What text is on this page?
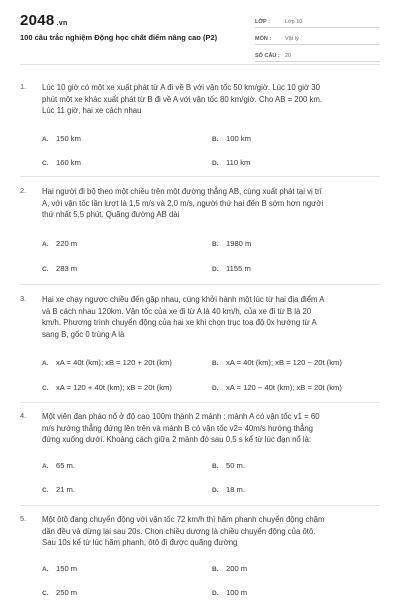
2048 .vn
100 câu trắc nghiệm Động học chất điểm nâng cao (P2)
LỚP :	Lớp 10
MÔN :	Vật lý
SỐ CÂU : 20
1. Lúc 10 giờ có một xe xuất phát từ A đi về B với vận tốc 50 km/giờ. Lúc 10 giờ 30
phút một xe khác xuất phát từ B đi về A với vận tốc 80 km/giờ. Cho AB = 200 km.
Lúc 11 giờ, hai xe cách nhau
A. 150 km	B. 100 km
C. 160 km	D. 110 km
2. Hai người đi bộ theo một chiều trên một đường thẳng AB, cùng xuất phát tại vị trí
A, với vận tốc lần lượt là 1,5 m/s và 2,0 m/s, người thứ hai đến B sớm hơn người
thứ nhất 5,5 phút. Quãng đường AB dài
A. 220 m	B. 1980 m
C. 283 m	D. 1155 m
3. Hai xe chạy ngược chiều đến gặp nhau, cùng khởi hành một lúc từ hai địa điểm A
và B cách nhau 120km. Vận tốc của xe đi từ A là 40 km/h, của xe đi từ B là 20
km/h. Phương trình chuyển động của hai xe khi chọn trục toạ độ 0x hướng từ A
sang B, gốc 0 trùng A là
A. xA = 40t (km); xB = 120 + 20t (km)	B. xA = 40t (km); xB = 120 − 20t (km)
C. xA = 120 + 40t (km); xB = 20t (km)	D. xA = 120 − 40t (km); xB = 20t (km)
4. Một viên đạn pháo nổ ở độ cao 100m thành 2 mảnh : mảnh A có vận tốc v1 = 60
m/s hướng thẳng đứng lên trên và mảnh B có vận tốc v2= 40m/s hướng thẳng
đứng xuống dưới. Khoảng cách giữa 2 mảnh đó sau 0,5 s kể từ lúc đạn nổ là:
A. 65 m.	B. 50 m.
C. 21 m.	D. 18 m.
5. Một ôtô đang chuyển động với vận tốc 72 km/h thì hãm phanh chuyển động chậm
dần đều và dừng lại sau 20s. Chọn chiều dương là chiều chuyển động của ôtô.
Sau 10s kể từ lúc hãm phanh, ôtô đi được quãng đường
A. 150 m	B. 200 m
C. 250 m	D. 100 m
